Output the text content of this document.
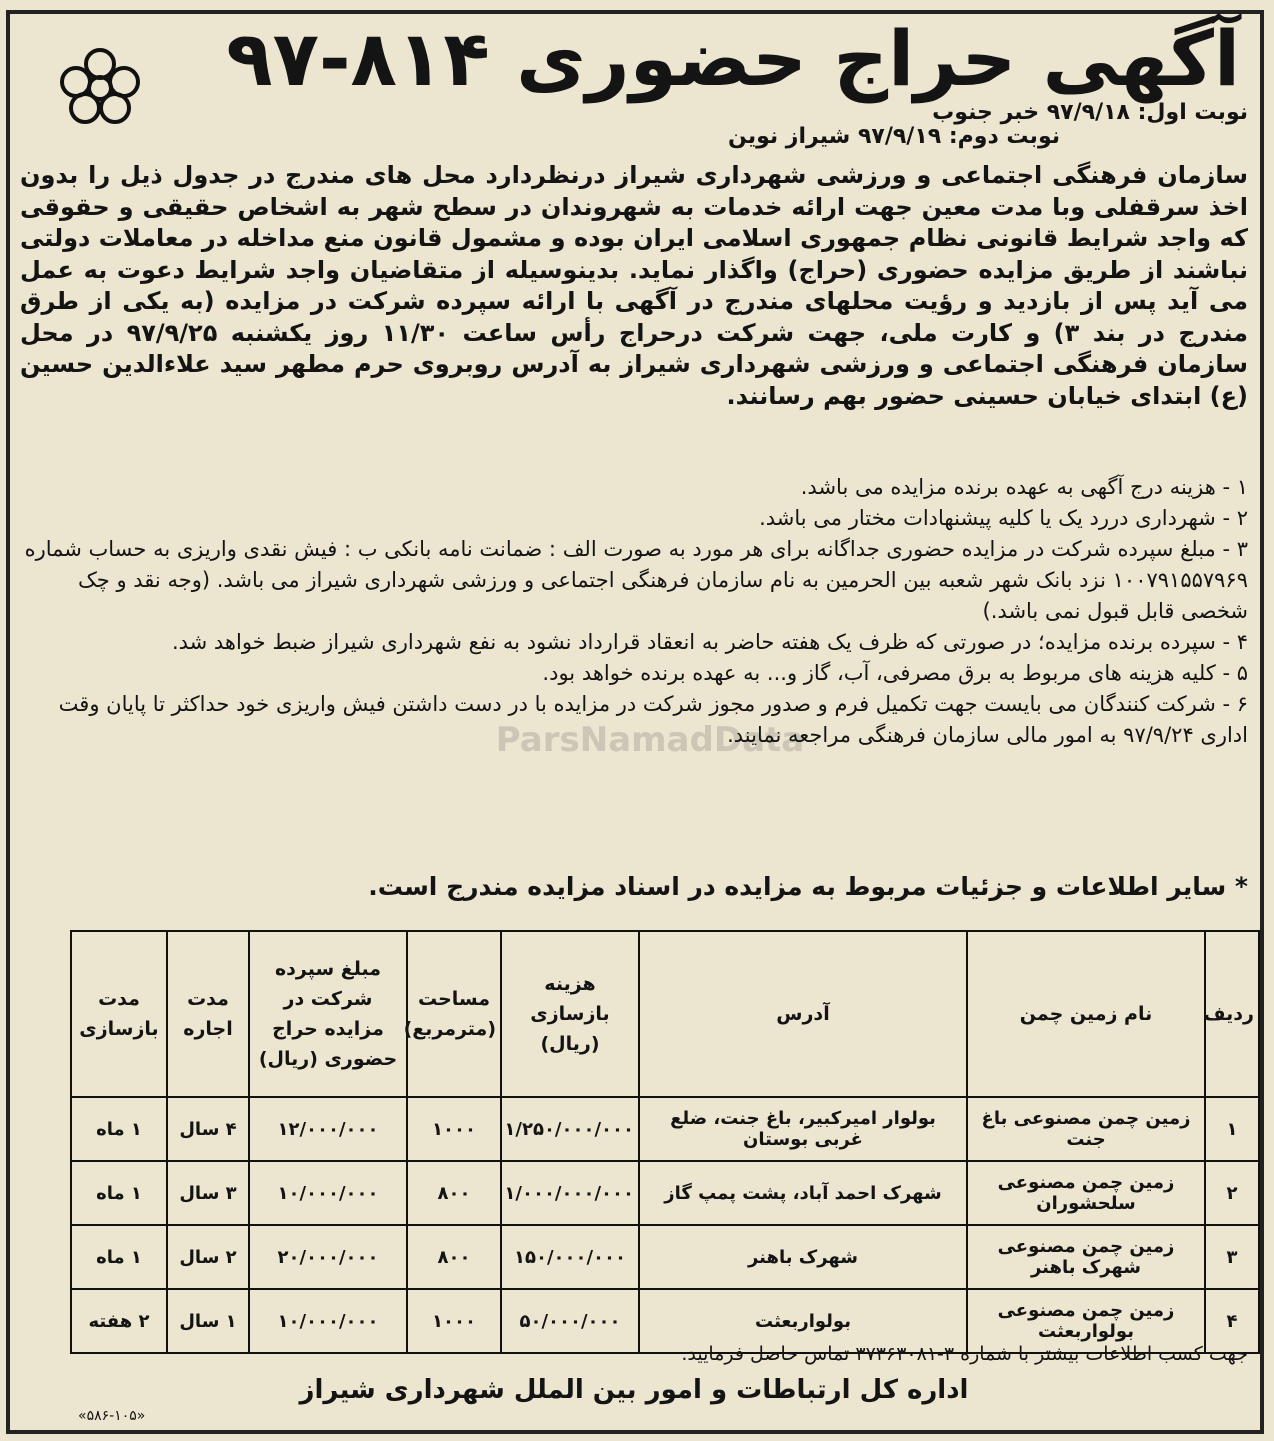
آگهی حراج حضوری ۸۱۴-۹۷
نوبت اول: ۹۷/۹/۱۸ خبر جنوب
نوبت دوم: ۹۷/۹/۱۹ شیراز نوین
سازمان فرهنگی اجتماعی و ورزشی شهرداری شیراز درنظردارد محل های مندرج در جدول ذیل را بدون اخذ سرقفلی وبا مدت معین جهت ارائه خدمات به شهروندان در سطح شهر به اشخاص حقیقی و حقوقی که واجد شرایط قانونی نظام جمهوری اسلامی ایران بوده و مشمول قانون منع مداخله در معاملات دولتی نباشند از طریق مزایده حضوری (حراج) واگذار نماید. بدینوسیله از متقاضیان واجد شرایط دعوت به عمل می آید پس از بازدید و رؤیت محلهای مندرج در آگهی با ارائه سپرده شرکت در مزایده (به یکی از طرق مندرج در بند ۳) و کارت ملی، جهت شرکت درحراج رأس ساعت ۱۱/۳۰ روز یکشنبه ۹۷/۹/۲۵ در محل سازمان فرهنگی اجتماعی و ورزشی شهرداری شیراز به آدرس روبروی حرم مطهر سید علاءالدین حسین (ع) ابتدای خیابان حسینی حضور بهم رسانند.
ParsNamadData

۱ - هزینه درج آگهی به عهده برنده مزایده می باشد.

۲ - شهرداری دررد یک یا کلیه پیشنهادات مختار می باشد.

۳ - مبلغ سپرده شرکت در مزایده حضوری جداگانه برای هر مورد به صورت الف : ضمانت نامه بانکی ب : فیش نقدی واریزی به حساب شماره ۱۰۰۷۹۱۵۵۷۹۶۹ نزد بانک شهر شعبه بین الحرمین به نام سازمان فرهنگی اجتماعی و ورزشی شهرداری شیراز می باشد. (وجه نقد و چک شخصی قابل قبول نمی باشد.)

۴ - سپرده برنده مزایده؛ در صورتی که ظرف یک هفته حاضر به انعقاد قرارداد نشود به نفع شهرداری شیراز ضبط خواهد شد.

۵ - کلیه هزینه های مربوط به برق مصرفی، آب، گاز و... به عهده برنده خواهد بود.

۶ - شرکت کنندگان می بایست جهت تکمیل فرم و صدور مجوز شرکت در مزایده با در دست داشتن فیش واریزی خود حداکثر تا پایان وقت اداری ۹۷/۹/۲۴ به امور مالی سازمان فرهنگی مراجعه نمایند.

* سایر اطلاعات و جزئیات مربوط به مزایده در اسناد مزایده مندرج است.
ردیف	نام زمین چمن	آدرس	هزینه بازسازی (ریال)	مساحت (مترمربع)	مبلغ سپرده شرکت در مزایده حراج حضوری (ریال)	مدت اجاره	مدت بازسازی
۱	زمین چمن مصنوعی باغ جنت	بولوار امیرکبیر، باغ جنت، ضلع غربی بوستان	۱/۲۵۰/۰۰۰/۰۰۰	۱۰۰۰	۱۲/۰۰۰/۰۰۰	۴ سال	۱ ماه
۲	زمین چمن مصنوعی سلحشوران	شهرک احمد آباد، پشت پمپ گاز	۱/۰۰۰/۰۰۰/۰۰۰	۸۰۰	۱۰/۰۰۰/۰۰۰	۳ سال	۱ ماه
۳	زمین چمن مصنوعی شهرک باهنر	شهرک باهنر	۱۵۰/۰۰۰/۰۰۰	۸۰۰	۲۰/۰۰۰/۰۰۰	۲ سال	۱ ماه
۴	زمین چمن مصنوعی بولواربعثت	بولواربعثت	۵۰/۰۰۰/۰۰۰	۱۰۰۰	۱۰/۰۰۰/۰۰۰	۱ سال	۲ هفته
جهت کسب اطلاعات بیشتر با شماره ۳-۳۷۳۶۳۰۸۱ تماس حاصل فرمایید.
اداره کل ارتباطات و امور بین الملل شهرداری شیراز
«۵۸۶-۱۰۵»
